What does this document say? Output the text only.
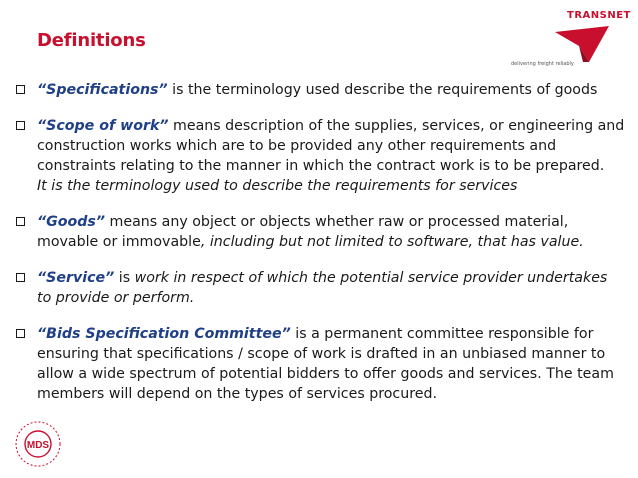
Definitions
TRANSNET
delivering freight reliably
“Specifications” is the terminology used describe the requirements of goods
“Scope of work” means description of the supplies, services, or engineering and construction works which are to be provided any other requirements and constraints relating to the manner in which the contract work is to be prepared.
It is the terminology used to describe the requirements for services
“Goods” means any object or objects whether raw or processed material, movable or immovable, including but not limited to software, that has value.
“Service” is work in respect of which the potential service provider undertakes to provide or perform.
“Bids Specification Committee” is a permanent committee responsible for ensuring that specifications / scope of work is drafted in an unbiased manner to allow a wide spectrum of potential bidders to offer goods and services. The team members will depend on the types of services procured.
MDS
